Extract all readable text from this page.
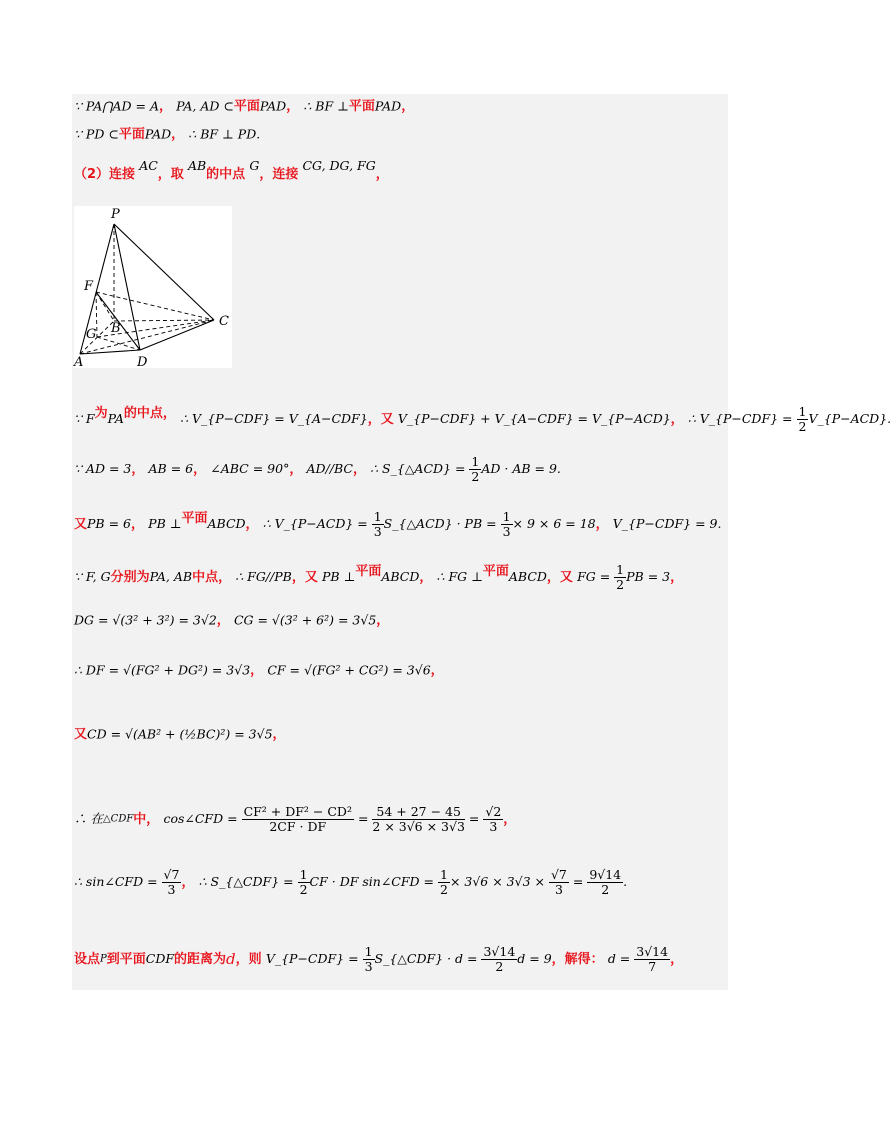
∵ PA⋂AD = A， PA, AD ⊂平面PAD， ∴ BF ⊥平面PAD，
∵ PD ⊂平面PAD， ∴ BF ⊥ PD.
（2）连接 AC，取 AB的中点 G，连接 CG, DG, FG，
P
F
G B	C
A	D
∵ F为PA的中点， ∴ V_{P−CDF} = V_{A−CDF}，又 V_{P−CDF} + V_{A−CDF} = V_{P−ACD}， ∴ V_{P−CDF} = $\frac{1}{2}$ V_{P−ACD}.
∵ AD = 3， AB = 6， ∠ABC = 90°， AD//BC， ∴ S_{△ACD} = $\frac{1}{2}$ AD · AB = 9.
又PB = 6， PB ⊥平面ABCD， ∴ V_{P−ACD} = $\frac{1}{3}$ S_{△ACD} · PB = $\frac{1}{3} \times 9 \times 6 = 18$， V_{P−CDF} = 9.
∵ F, G分别为PA, AB中点， ∴ FG//PB，又 PB ⊥平面ABCD， ∴ FG ⊥平面ABCD，又 FG = $\frac{1}{2}$ PB = 3，
DG = √(3² + 3²) = 3√2， CG = √(3² + 6²) = 3√5，
∴ DF = √(FG² + DG²) = 3√3， CF = √(FG² + CG²) = 3√6，
又CD = √(AB² + (½BC)²) = 3√5，
∴ 在△CDF中， cos∠CFD = $\frac{\text{CF² + DF² − CD²}}{2CF \cdot DF} = \frac{54 + 27 - 45}{2 \times 3√6 \times 3√3} = \frac{√2}{3}$ ，
∴ sin∠CFD = $\frac{√7}{3}$ ， ∴ S_{△CDF} = $\frac{1}{2}$ CF · DF sin∠CFD = $\frac{1}{2} \times 3√6 \times 3√3 \times \frac{√7}{3} = \frac{9√14}{2}$ .
设点P到平面CDF的距离为d，则 V_{P−CDF} = $\frac{1}{3}$ S_{△CDF} · $d = \frac{3√14}{2}$ d = 9，解得： $d = \frac{3√14}{7}$ ，
